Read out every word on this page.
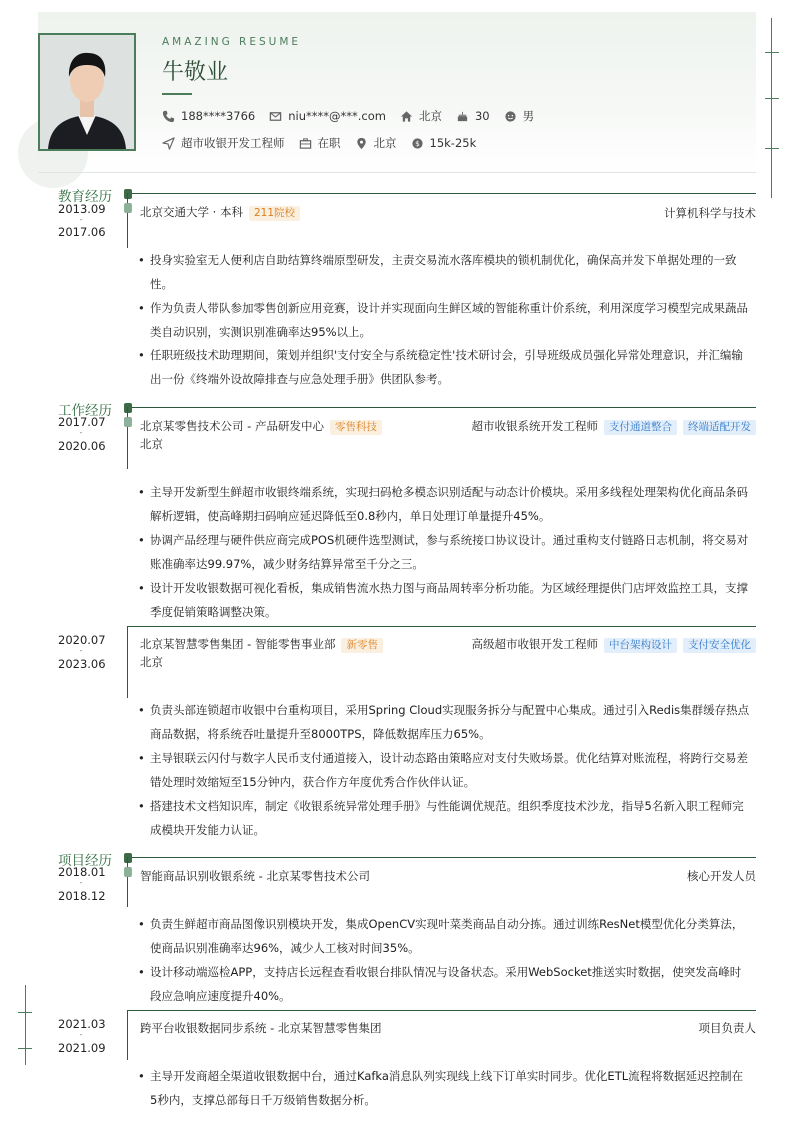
AMAZING RESUME
牛敬业
188****3766	niu****@***.com	北京	30	男
超市收银开发工程师	在职	北京 $ 15k-25k
教育经历
2013.09
-
2017.06
北京交通大学 · 本科 211院校	计算机科学与技术
• 投身实验室无人便利店自助结算终端原型研发，主责交易流水落库模块的锁机制优化，确保高并发下单据处理的一致性。
• 作为负责人带队参加零售创新应用竞赛，设计并实现面向生鲜区域的智能称重计价系统，利用深度学习模型完成果蔬品类自动识别，实测识别准确率达95%以上。
• 任职班级技术助理期间，策划并组织'支付安全与系统稳定性'技术研讨会，引导班级成员强化异常处理意识，并汇编输出一份《终端外设故障排查与应急处理手册》供团队参考。
工作经历
2017.07
-
2020.06
北京某零售技术公司 - 产品研发中心 零售科技
北京
超市收银系统开发工程师 支付通道整合 终端适配开发
• 主导开发新型生鲜超市收银终端系统，实现扫码枪多模态识别适配与动态计价模块。采用多线程处理架构优化商品条码解析逻辑，使高峰期扫码响应延迟降低至0.8秒内，单日处理订单量提升45%。
• 协调产品经理与硬件供应商完成POS机硬件选型测试，参与系统接口协议设计。通过重构支付链路日志机制，将交易对账准确率达99.97%，减少财务结算异常至千分之三。
• 设计开发收银数据可视化看板，集成销售流水热力图与商品周转率分析功能。为区域经理提供门店坪效监控工具，支撑季度促销策略调整决策。
2020.07
-
2023.06
北京某智慧零售集团 - 智能零售事业部 新零售
北京
高级超市收银开发工程师 中台架构设计 支付安全优化
• 负责头部连锁超市收银中台重构项目，采用Spring Cloud实现服务拆分与配置中心集成。通过引入Redis集群缓存热点商品数据，将系统吞吐量提升至8000TPS，降低数据库压力65%。
• 主导银联云闪付与数字人民币支付通道接入，设计动态路由策略应对支付失败场景。优化结算对账流程，将跨行交易差错处理时效缩短至15分钟内，获合作方年度优秀合作伙伴认证。
• 搭建技术文档知识库，制定《收银系统异常处理手册》与性能调优规范。组织季度技术沙龙，指导5名新入职工程师完成模块开发能力认证。
项目经历
2018.01
-
2018.12
智能商品识别收银系统 - 北京某零售技术公司	核心开发人员
• 负责生鲜超市商品图像识别模块开发，集成OpenCV实现叶菜类商品自动分拣。通过训练ResNet模型优化分类算法，使商品识别准确率达96%，减少人工核对时间35%。
• 设计移动端巡检APP，支持店长远程查看收银台排队情况与设备状态。采用WebSocket推送实时数据，使突发高峰时段应急响应速度提升40%。
2021.03
-
2021.09
跨平台收银数据同步系统 - 北京某智慧零售集团	项目负责人
• 主导开发商超全渠道收银数据中台，通过Kafka消息队列实现线上线下订单实时同步。优化ETL流程将数据延迟控制在5秒内，支撑总部每日千万级销售数据分析。
